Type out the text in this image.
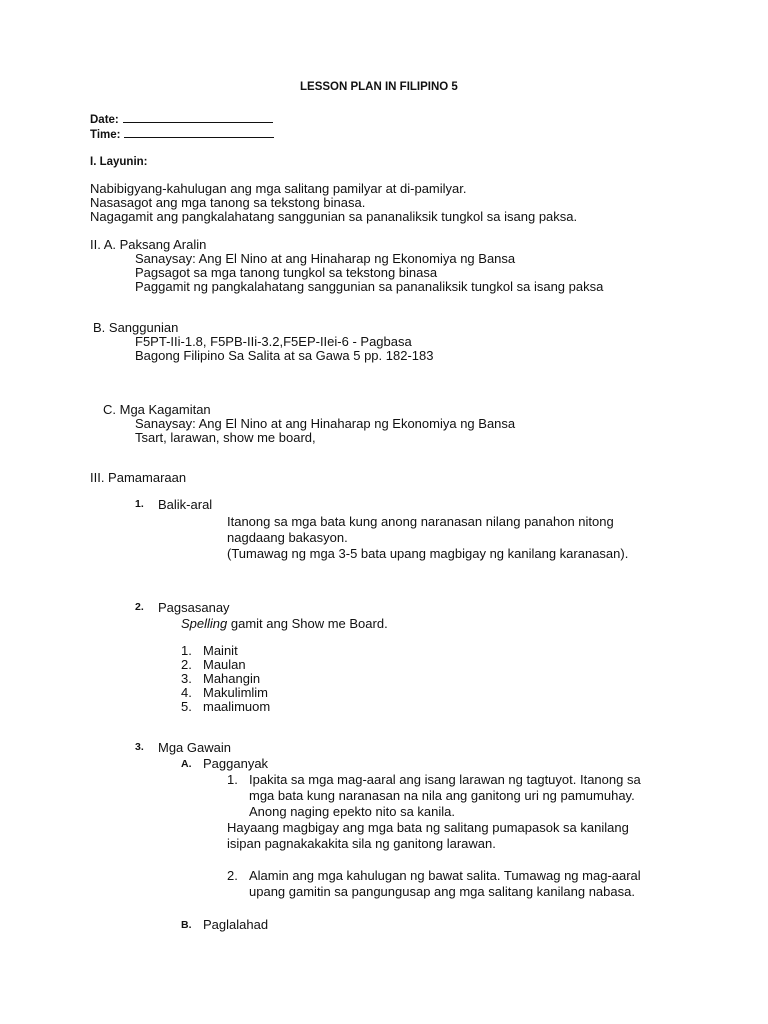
LESSON PLAN IN FILIPINO 5
Date:
Time:
I. Layunin:
Nabibigyang-kahulugan ang mga salitang pamilyar at di-pamilyar.
Nasasagot ang mga tanong sa tekstong binasa.
Nagagamit ang pangkalahatang sanggunian sa pananaliksik tungkol sa isang paksa.
II. A. Paksang Aralin
Sanaysay: Ang El Nino at ang Hinaharap ng Ekonomiya ng Bansa
Pagsagot sa mga tanong tungkol sa tekstong binasa
Paggamit ng pangkalahatang sanggunian sa pananaliksik tungkol sa isang paksa
B. Sanggunian
F5PT-IIi-1.8, F5PB-IIi-3.2,F5EP-IIei-6 - Pagbasa
Bagong Filipino Sa Salita at sa Gawa 5 pp. 182-183
C. Mga Kagamitan
Sanaysay: Ang El Nino at ang Hinaharap ng Ekonomiya ng Bansa
Tsart, larawan, show me board,
III. Pamamaraan
1. Balik-aral
Itanong sa mga bata kung anong naranasan nilang panahon nitong
nagdaang bakasyon.
(Tumawag ng mga 3-5 bata upang magbigay ng kanilang karanasan).
2. Pagsasanay
Spelling gamit ang Show me Board.
1. Mainit
2. Maulan
3. Mahangin
4. Makulimlim
5. maalimuom
3. Mga Gawain
A. Pagganyak
1. Ipakita sa mga mag-aaral ang isang larawan ng tagtuyot. Itanong sa
mga bata kung naranasan na nila ang ganitong uri ng pamumuhay.
Anong naging epekto nito sa kanila.
Hayaang magbigay ang mga bata ng salitang pumapasok sa kanilang
isipan pagnakakakita sila ng ganitong larawan.
2. Alamin ang mga kahulugan ng bawat salita. Tumawag ng mag-aaral
upang gamitin sa pangungusap ang mga salitang kanilang nabasa.
B. Paglalahad
